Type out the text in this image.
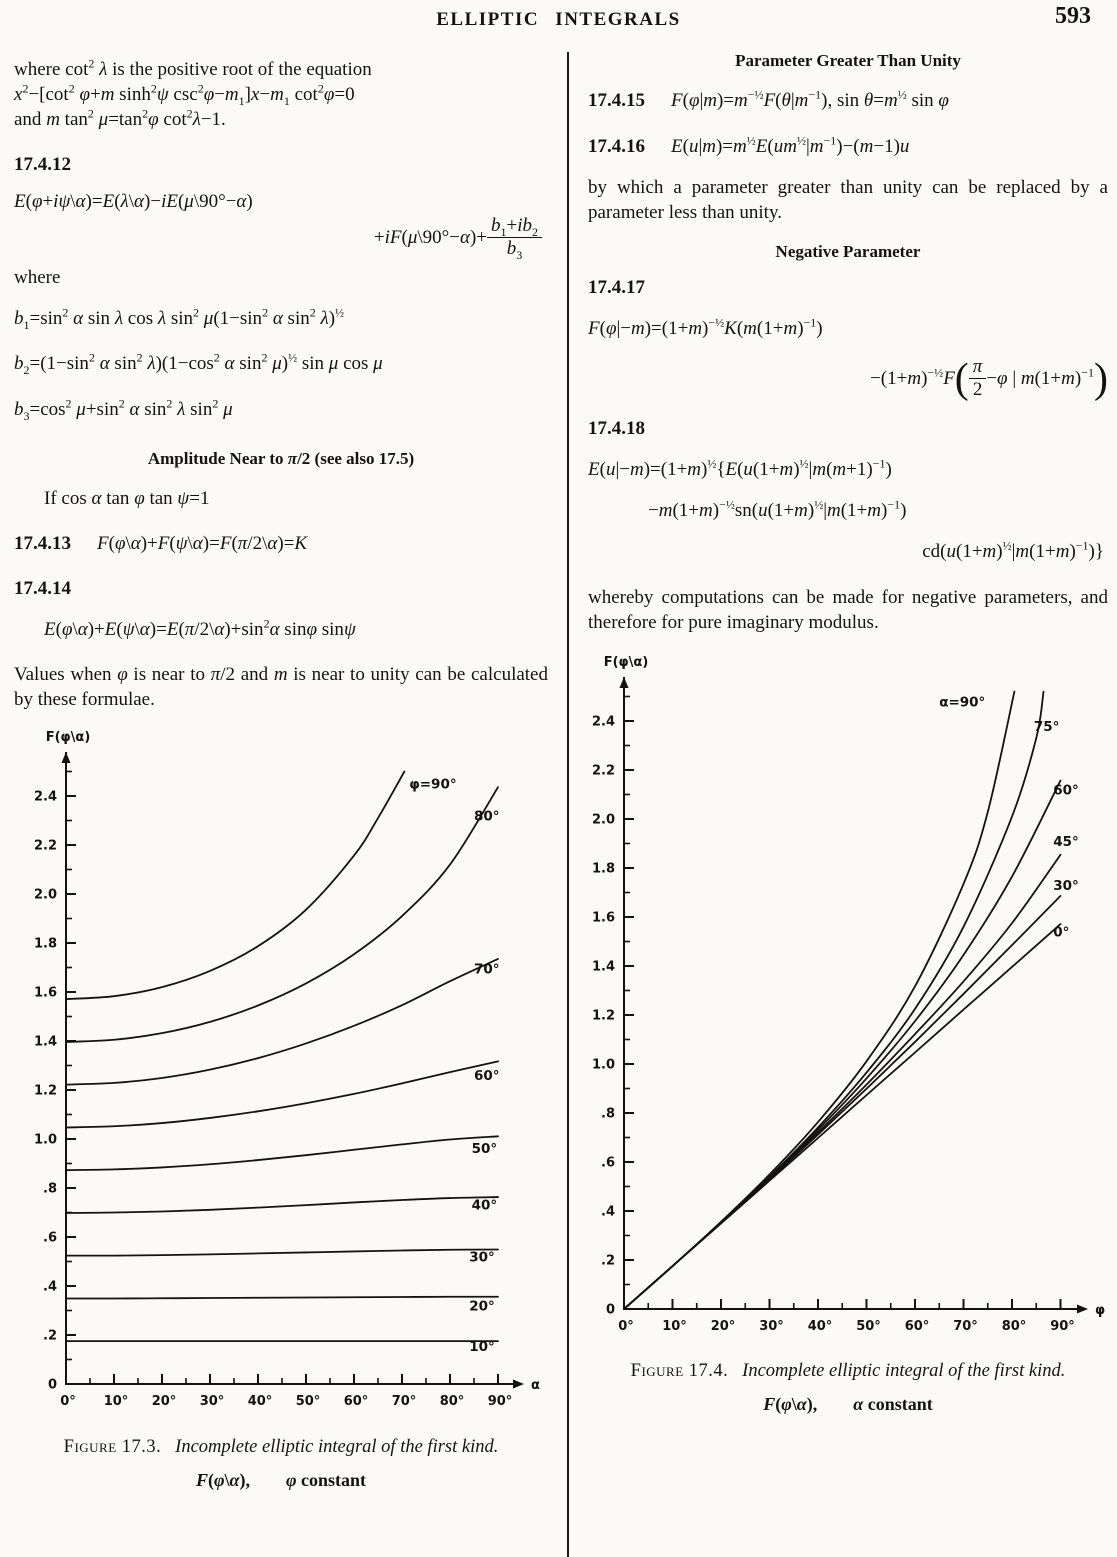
ELLIPTIC INTEGRALS	593
where $\cot^2 \lambda$ is the positive root of the equation
$x^2-[\cot^2$ φ+m $\sinh^2\psi$ $\csc^2\varphi-m_1]x-m_1$ $\cot^2\varphi=0$
and m $\tan^2 \mu=\tan^2\varphi$ $\cot^2\lambda-1$.
17.4.12
E(φ+iψ\α)=E(λ\α)−iE(μ\90°−α)
+iF(μ\90°−α)+ $\frac{b_1+ib_2}{b_3}$
where
$b_1=\sin^2$ α sin λ cos λ $\sin^2 \mu(1-\sin^2$ α $\sin^2 \lambda)^{\frac{1}{2}}$
$b_2=(1-\sin^2$ α $\sin^2 \lambda)(1-\cos^2$ α $\sin^2 \mu)^{\frac{1}{2}}$ sin μ cos μ
$b_3=\cos^2$ $\mu+\sin^2$ α $\sin^2 \lambda$ $\sin^2 \mu$
Amplitude Near to π/2 (see also 17.5)
If cos α tan φ tan ψ=1
17.4.13 F(φ\α)+F(ψ\α)=F(π/2\α)=K
17.4.14
$E(\varphi\backslash\alpha)+E(\psi\backslash\alpha)=E(\pi/2\backslash\alpha)+\sin^2\alpha$ sinφ sinψ
Values when φ is near to π/2 and m is near to unity can be calculated by these formulae.
F(φ\α)
α
0
.2
.4
.6
.8
1.0
1.2
1.4
1.6
1.8
2.0
2.2
2.4
0° 10° 20° 30° 40° 50° 60° 70° 80° 90°
10°
20°
30°
40°
50°
60°
70°
80°
φ=90°
Figure 17.3.  Incomplete elliptic integral of the first kind.
F(φ\α),  φ constant
Parameter Greater Than Unity
17.4.15 $F(\varphi|m)=m^{-\frac{1}{2}}F(\theta|m^{-1})$, $\sin \theta=m^{\frac{1}{2}}$ sin φ
17.4.16 $E(u|m)=m^{\frac{1}{2}}E(um^{\frac{1}{2}}|m^{-1})-(m-1)u$
by which a parameter greater than unity can be replaced by a parameter less than unity.
Negative Parameter
17.4.17
$F(\varphi|-m)=(1+m)^{-\frac{1}{2}}K(m(1+m)^{-1})$
$-(1+m)^{-\frac{1}{2}}F$ ( $\frac{\pi}{2} -\varphi$ | $m(1+m)^{-1}$ )
17.4.18
$E(u|-m)=(1+m)^{\frac{1}{2}}\{E(u(1+m)^{\frac{1}{2}}|m(m+1)^{-1})$
$-m(1+m)^{-\frac{1}{2}}sn(u(1+m)^{\frac{1}{2}}|m(1+m)^{-1})$
$cd(u(1+m)^{\frac{1}{2}}|m(1+m)^{-1})$}
whereby computations can be made for negative parameters, and therefore for pure imaginary modulus.
F(φ\α)
φ
0
.2
.4
.6
.8
1.0
1.2
1.4
1.6
1.8
2.0
2.2
2.4
0° 10° 20° 30° 40° 50° 60° 70° 80° 90°
0°
30°
45°
60°
75°
α=90°
Figure 17.4.  Incomplete elliptic integral of the first kind.
F(φ\α),  α constant
